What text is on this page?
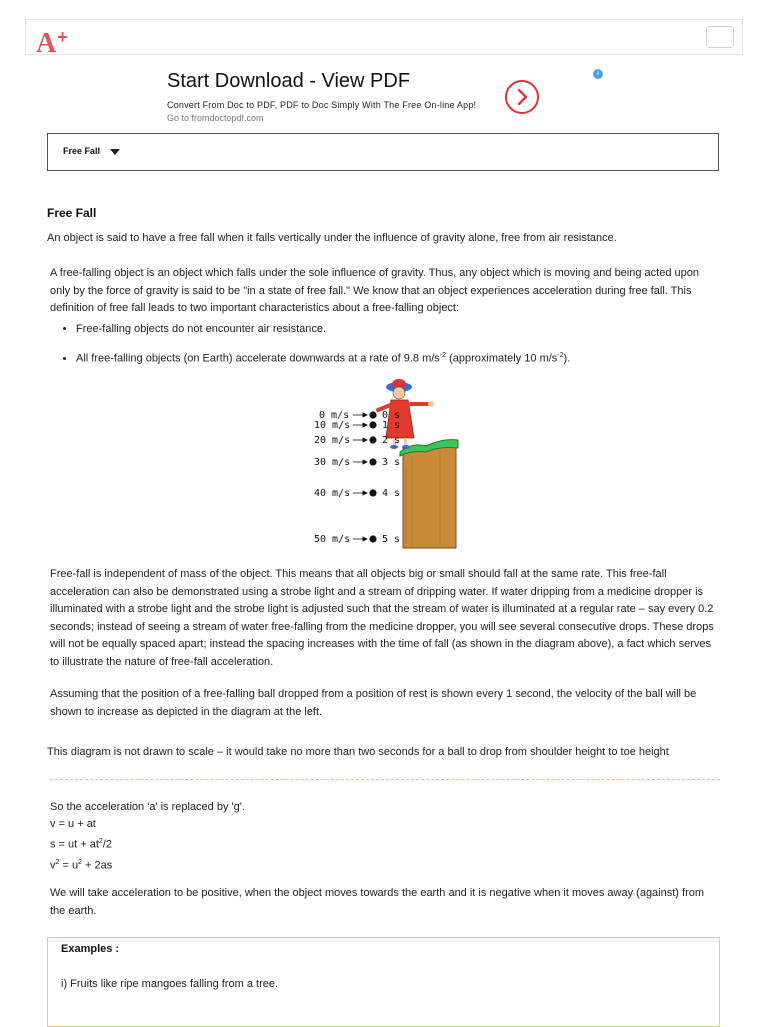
A+
Start Download - View PDF
Convert From Doc to PDF, PDF to Doc Simply With The Free On-line App!
Go to fromdoctopdf.com
i
Free Fall
Free Fall
An object is said to have a free fall when it falls vertically under the influence of gravity alone, free from air resistance.
A free-falling object is an object which falls under the sole influence of gravity. Thus, any object which is moving and being acted upon only by the force of gravity is said to be "in a state of free fall." We know that an object experiences acceleration during free fall. This definition of free fall leads to two important characteristics about a free-falling object:
• Free-falling objects do not encounter air resistance.
• All free-falling objects (on Earth) accelerate downwards at a rate of 9.8 $m/s^{-2}$ (approximately 10 $m/s^{-2}$).
0 m/s
10 m/s
20 m/s
30 m/s
40 m/s
50 m/s
0 s
1 s
2 s
3 s
4 s
5 s
Free-fall is independent of mass of the object. This means that all objects big or small should fall at the same rate. This free-fall acceleration can also be demonstrated using a strobe light and a stream of dripping water. If water dripping from a medicine dropper is illuminated with a strobe light and the strobe light is adjusted such that the stream of water is illuminated at a regular rate – say every 0.2 seconds; instead of seeing a stream of water free-falling from the medicine dropper, you will see several consecutive drops. These drops will not be equally spaced apart; instead the spacing increases with the time of fall (as shown in the diagram above), a fact which serves to illustrate the nature of free-fall acceleration.
Assuming that the position of a free-falling ball dropped from a position of rest is shown every 1 second, the velocity of the ball will be shown to increase as depicted in the diagram at the left.
This diagram is not drawn to scale – it would take no more than two seconds for a ball to drop from shoulder height to toe height
So the acceleration 'a' is replaced by 'g'.
v = u + at
s = ut + $at^2/2$
$v^2 = u^2 + 2as$
We will take acceleration to be positive, when the object moves towards the earth and it is negative when it moves away (against) from the earth.
Examples :
i) Fruits like ripe mangoes falling from a tree.
